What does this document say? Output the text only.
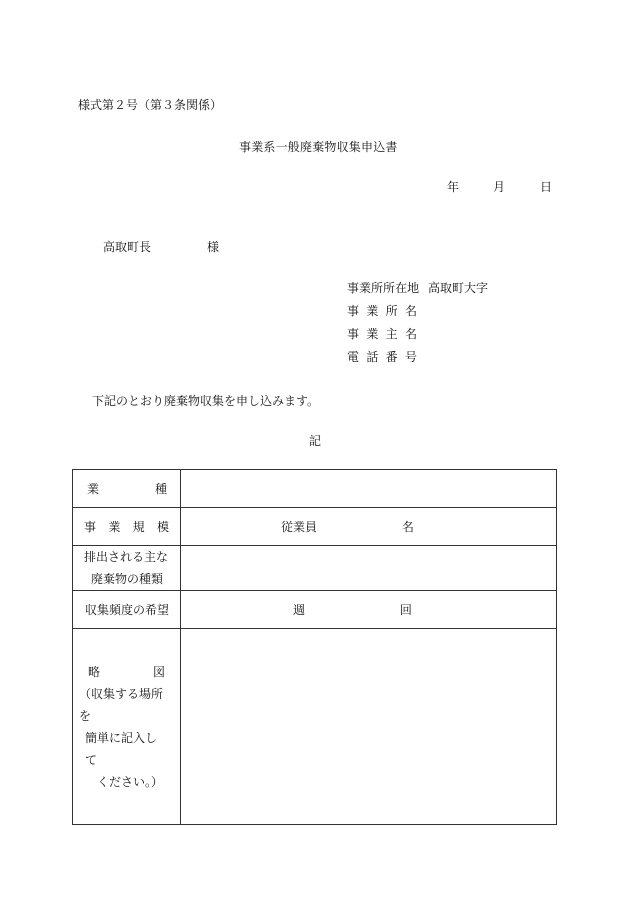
様式第２号（第３条関係）
事業系一般廃棄物収集申込書
年	月	日
高取町長	様
事 業 所 所 在 地 高取町大字
事 業 所 名
事 業 主 名
電 話 番 号
下記のとおり廃棄物収集を申し込みます。
記
業 種	

事 業 規 模	従業員 名

排出される主な
廃棄物の種類	

収集頻度の希望	週 回

略 図
（収集する場所を
簡単に記入して
ください。）	
